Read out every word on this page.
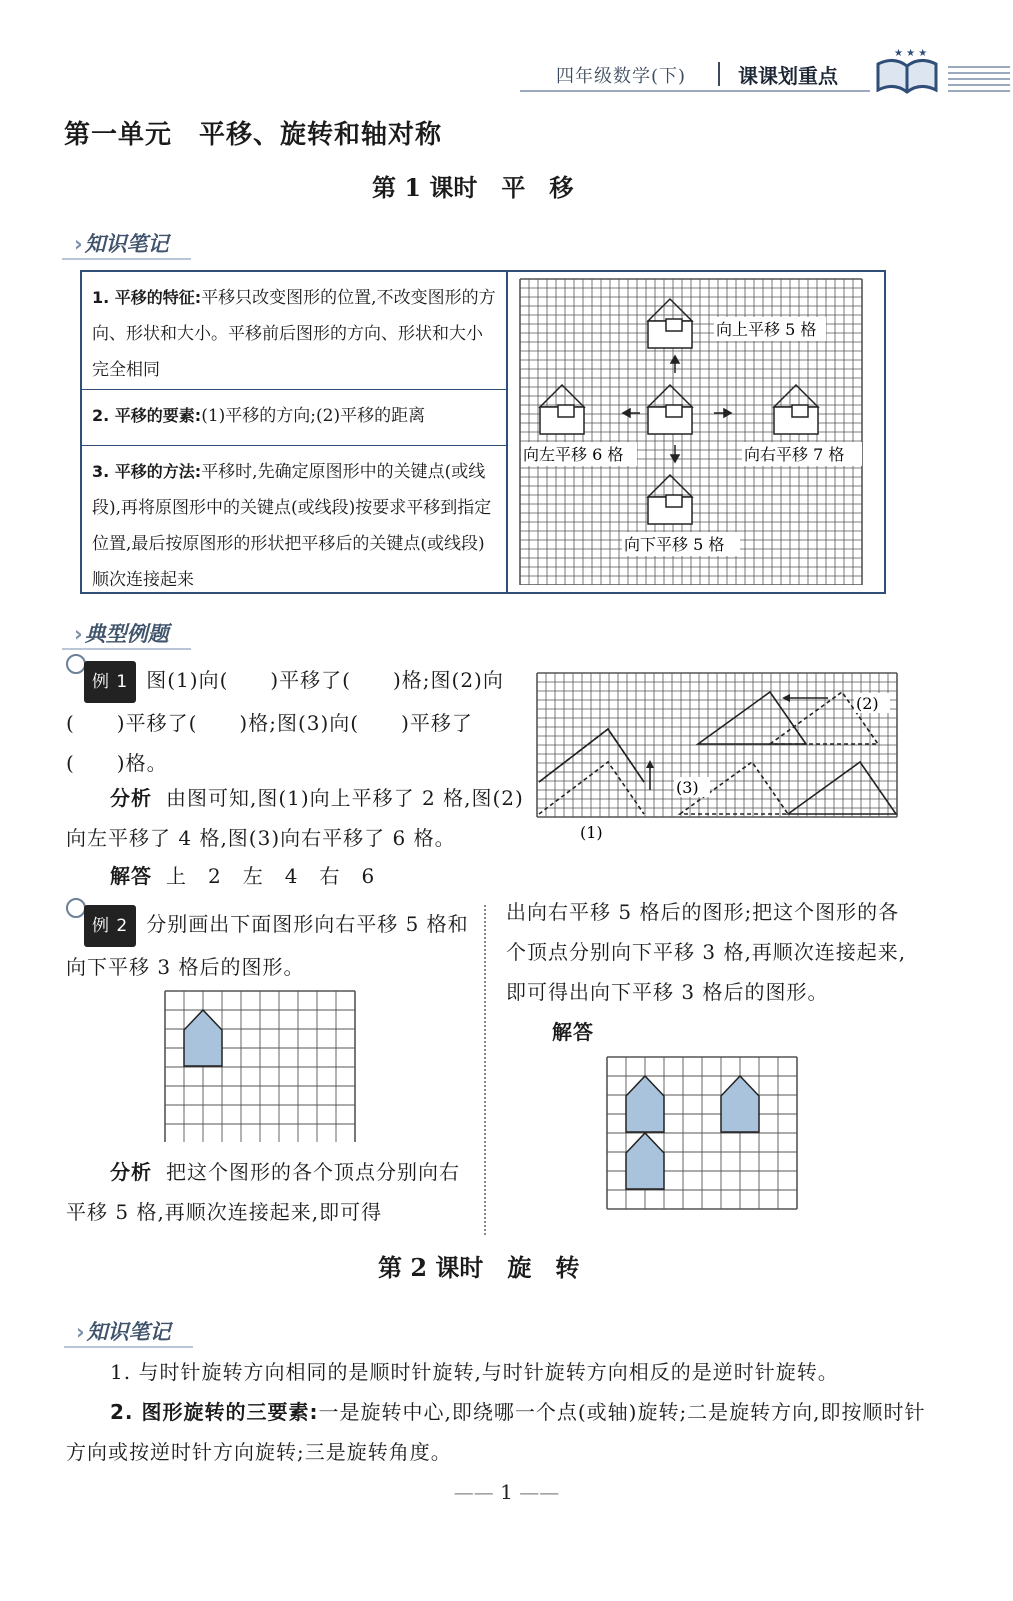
四年级数学(下)	课课划重点
★ ★ ★
第一单元　平移、旋转和轴对称
第 1 课时　平　移
› 知识笔记
1. 平移的特征:平移只改变图形的位置,不改变图形的方向、形状和大小。平移前后图形的方向、形状和大小完全相同
2. 平移的要素:(1)平移的方向;(2)平移的距离
3. 平移的方法:平移时,先确定原图形中的关键点(或线段),再将原图形中的关键点(或线段)按要求平移到指定位置,最后按原图形的形状把平移后的关键点(或线段)顺次连接起来
向上平移 5 格
向左平移 6 格	向右平移 7 格
向下平移 5 格
› 典型例题
例 1 图(1)向(　　)平移了(　　)格;图(2)向(　　)平移了(　　)格;图(3)向(　　)平移了(　　)格。
分析 由图可知,图(1)向上平移了 2 格,图(2)向左平移了 4 格,图(3)向右平移了 6 格。
解答 上　2　左　4　右　6
(2)
(3)
(1)
例 2 分别画出下面图形向右平移 5 格和向下平移 3 格后的图形。
分析 把这个图形的各个顶点分别向右平移 5 格,再顺次连接起来,即可得
出向右平移 5 格后的图形;把这个图形的各个顶点分别向下平移 3 格,再顺次连接起来,即可得出向下平移 3 格后的图形。
解答
第 2 课时　旋　转
› 知识笔记
1. 与时针旋转方向相同的是顺时针旋转,与时针旋转方向相反的是逆时针旋转。
2. 图形旋转的三要素:一是旋转中心,即绕哪一个点(或轴)旋转;二是旋转方向,即按顺时针方向或按逆时针方向旋转;三是旋转角度。
—— 1 ——
